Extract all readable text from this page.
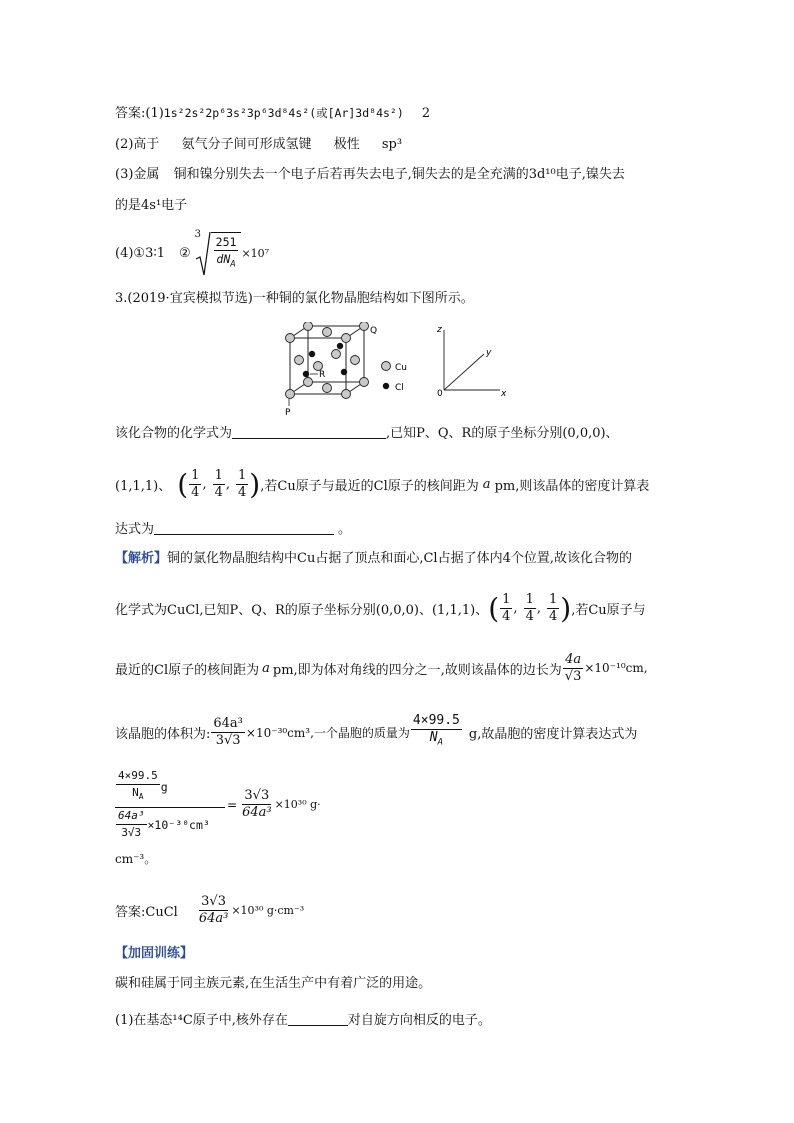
答案:(1)1s²2s²2p⁶3s²3p⁶3d⁸4s²(或[Ar]3d⁸4s²) 2
(2)高于 氨气分子间可形成氢键 极性 sp³
(3)金属 铜和镍分别失去一个电子后若再失去电子,铜失去的是全充满的3d¹⁰电子,镍失去
的是4s¹电子
(4)①3∶1 ②
$3 \frac{251}{dN_A} \times 10^7$
3.(2019·宜宾模拟节选)一种铜的氯化物晶胞结构如下图所示。
Q
P
R
Cu
Cl
z
y
x
0
该化合物的化学式为	,已知P、Q、R的原子坐标分别(0,0,0)、
(1,1,1)、 ( $\frac{1}{4}$ , $\frac{1}{4}$ , $\frac{1}{4}$ ) ,若Cu原子与最近的Cl原子的核间距为 a pm,则该晶体的密度计算表
达式为	。
【解析】铜的氯化物晶胞结构中Cu占据了顶点和面心,Cl占据了体内4个位置,故该化合物的
化学式为CuCl,已知P、Q、R的原子坐标分别(0,0,0)、(1,1,1)、 ( $\frac{1}{4}$ , $\frac{1}{4}$ , $\frac{1}{4}$ ) ,若Cu原子与
最近的Cl原子的核间距为 a pm,即为体对角线的四分之一,故则该晶体的边长为 $\frac{4a}{√3} \times 10^{-10}cm$,
该晶胞的体积为: $\frac{\text{64a³}}{3√3} \times 10^{-30}cm^3$,一个晶胞的质量为 $\frac{4\times 99.5}{N_A} g$,故晶胞的密度计算表达式为
$\frac{4\times 99.5}{N_A}$ g
$\frac{\text{64a³}}{3√3} \times 10^{-30}cm^3$
= $\frac{3√3}{\text{64a³}} \times 10^{30}$ g·
cm⁻³。
答案:CuCl $\frac{3√3}{\text{64a³}} \times 10^{30}$ g·cm⁻³
【加固训练】
碳和硅属于同主族元素,在生活生产中有着广泛的用途。
(1)在基态¹⁴C原子中,核外存在	对自旋方向相反的电子。
